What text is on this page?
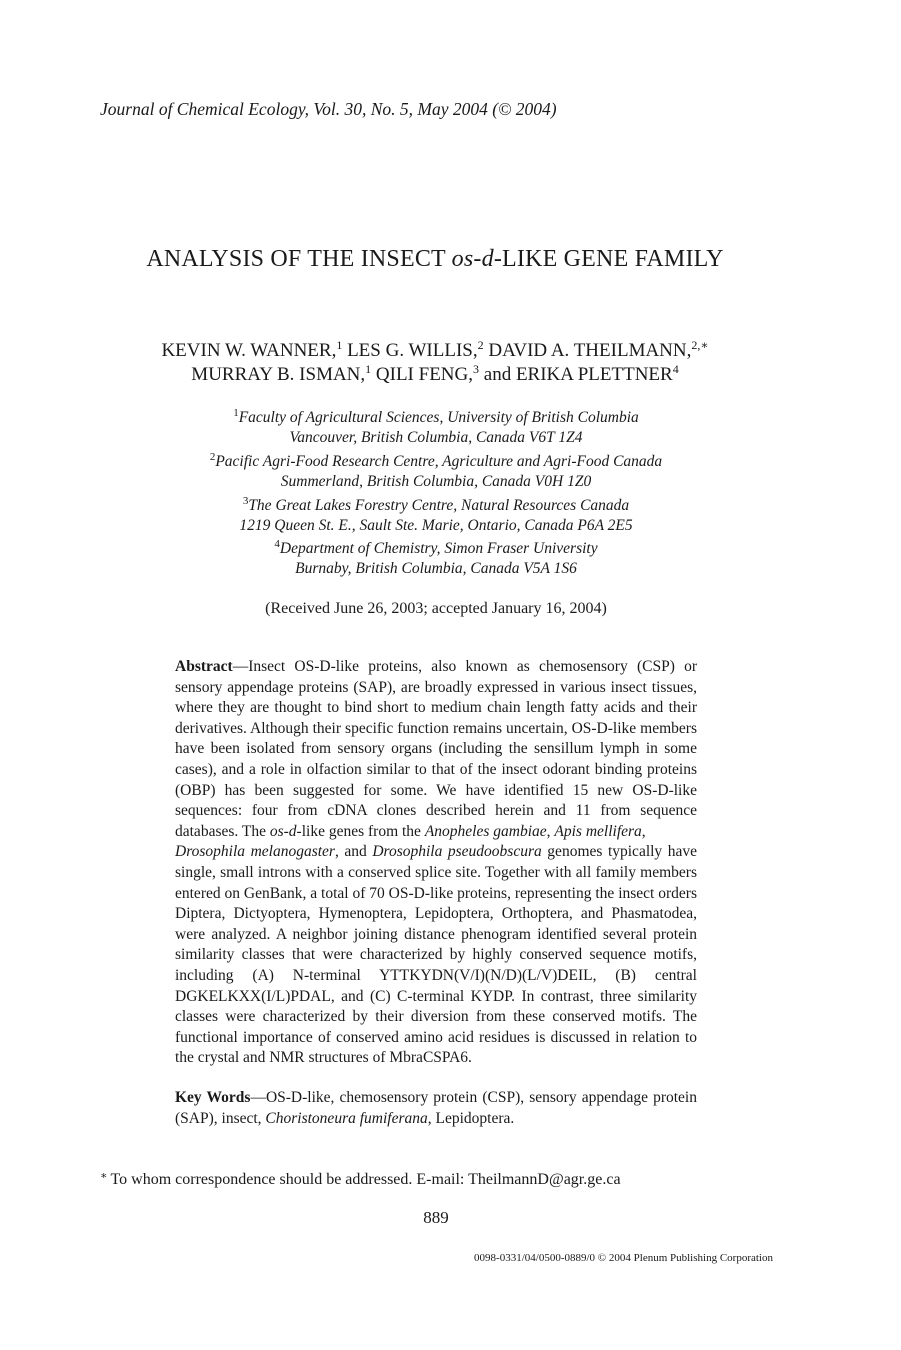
Journal of Chemical Ecology, Vol. 30, No. 5, May 2004 (© 2004)
ANALYSIS OF THE INSECT os-d-LIKE GENE FAMILY
KEVIN W. WANNER,$^1$ LES G. WILLIS,$^2$ DAVID A. THEILMANN,$^{2,∗}$
MURRAY B. ISMAN,$^1$ QILI FENG,$^3$ and ERIKA PLETTNER$^4$
$^1$Faculty of Agricultural Sciences, University of British Columbia
Vancouver, British Columbia, Canada V6T 1Z4
$^2$Pacific Agri-Food Research Centre, Agriculture and Agri-Food Canada
Summerland, British Columbia, Canada V0H 1Z0
$^3$The Great Lakes Forestry Centre, Natural Resources Canada
1219 Queen St. E., Sault Ste. Marie, Ontario, Canada P6A 2E5
$^4$Department of Chemistry, Simon Fraser University
Burnaby, British Columbia, Canada V5A 1S6
(Received June 26, 2003; accepted January 16, 2004)
Abstract—Insect OS-D-like proteins, also known as chemosensory (CSP) or sensory appendage proteins (SAP), are broadly expressed in various insect tissues, where they are thought to bind short to medium chain length fatty acids and their derivatives. Although their specific function remains uncertain, OS-D-like members have been isolated from sensory organs (including the sensillum lymph in some cases), and a role in olfaction similar to that of the insect odorant binding proteins (OBP) has been suggested for some. We have identified 15 new OS-D-like sequences: four from cDNA clones described herein and 11 from sequence databases. The os-d-like genes from the Anopheles gambiae, Apis mellifera,
Drosophila melanogaster, and Drosophila pseudoobscura genomes typically have single, small introns with a conserved splice site. Together with all family members entered on GenBank, a total of 70 OS-D-like proteins, representing the insect orders Diptera, Dictyoptera, Hymenoptera, Lepidoptera, Orthoptera, and Phasmatodea, were analyzed. A neighbor joining distance phenogram identified several protein similarity classes that were characterized by highly conserved sequence motifs, including (A) N-terminal YTTKYDN(V/I)(N/D)(L/V)DEIL, (B) central DGKELKXX(I/L)PDAL, and (C) C-terminal KYDP. In contrast, three similarity classes were characterized by their diversion from these conserved motifs. The functional importance of conserved amino acid residues is discussed in relation to the crystal and NMR structures of MbraCSPA6.
Key Words—OS-D-like, chemosensory protein (CSP), sensory appendage protein (SAP), insect, Choristoneura fumiferana, Lepidoptera.
∗ To whom correspondence should be addressed. E-mail: TheilmannD@agr.ge.ca
889
0098-0331/04/0500-0889/0 © 2004 Plenum Publishing Corporation
